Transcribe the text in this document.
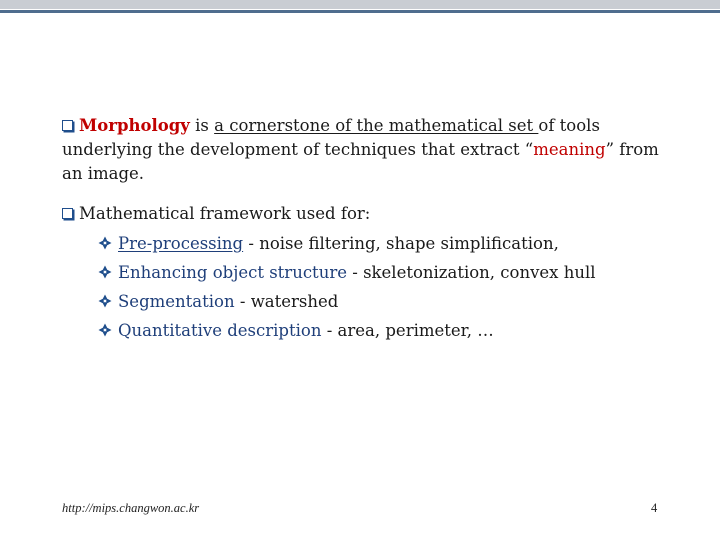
Morphology is a cornerstone of the mathematical set of tools underlying the development of techniques that extract “meaning” from an image.

Mathematical framework used for:
Pre-processing - noise filtering, shape simplification,
Enhancing object structure - skeletonization, convex hull
Segmentation - watershed
Quantitative description - area, perimeter, …
http://mips.changwon.ac.kr	4
